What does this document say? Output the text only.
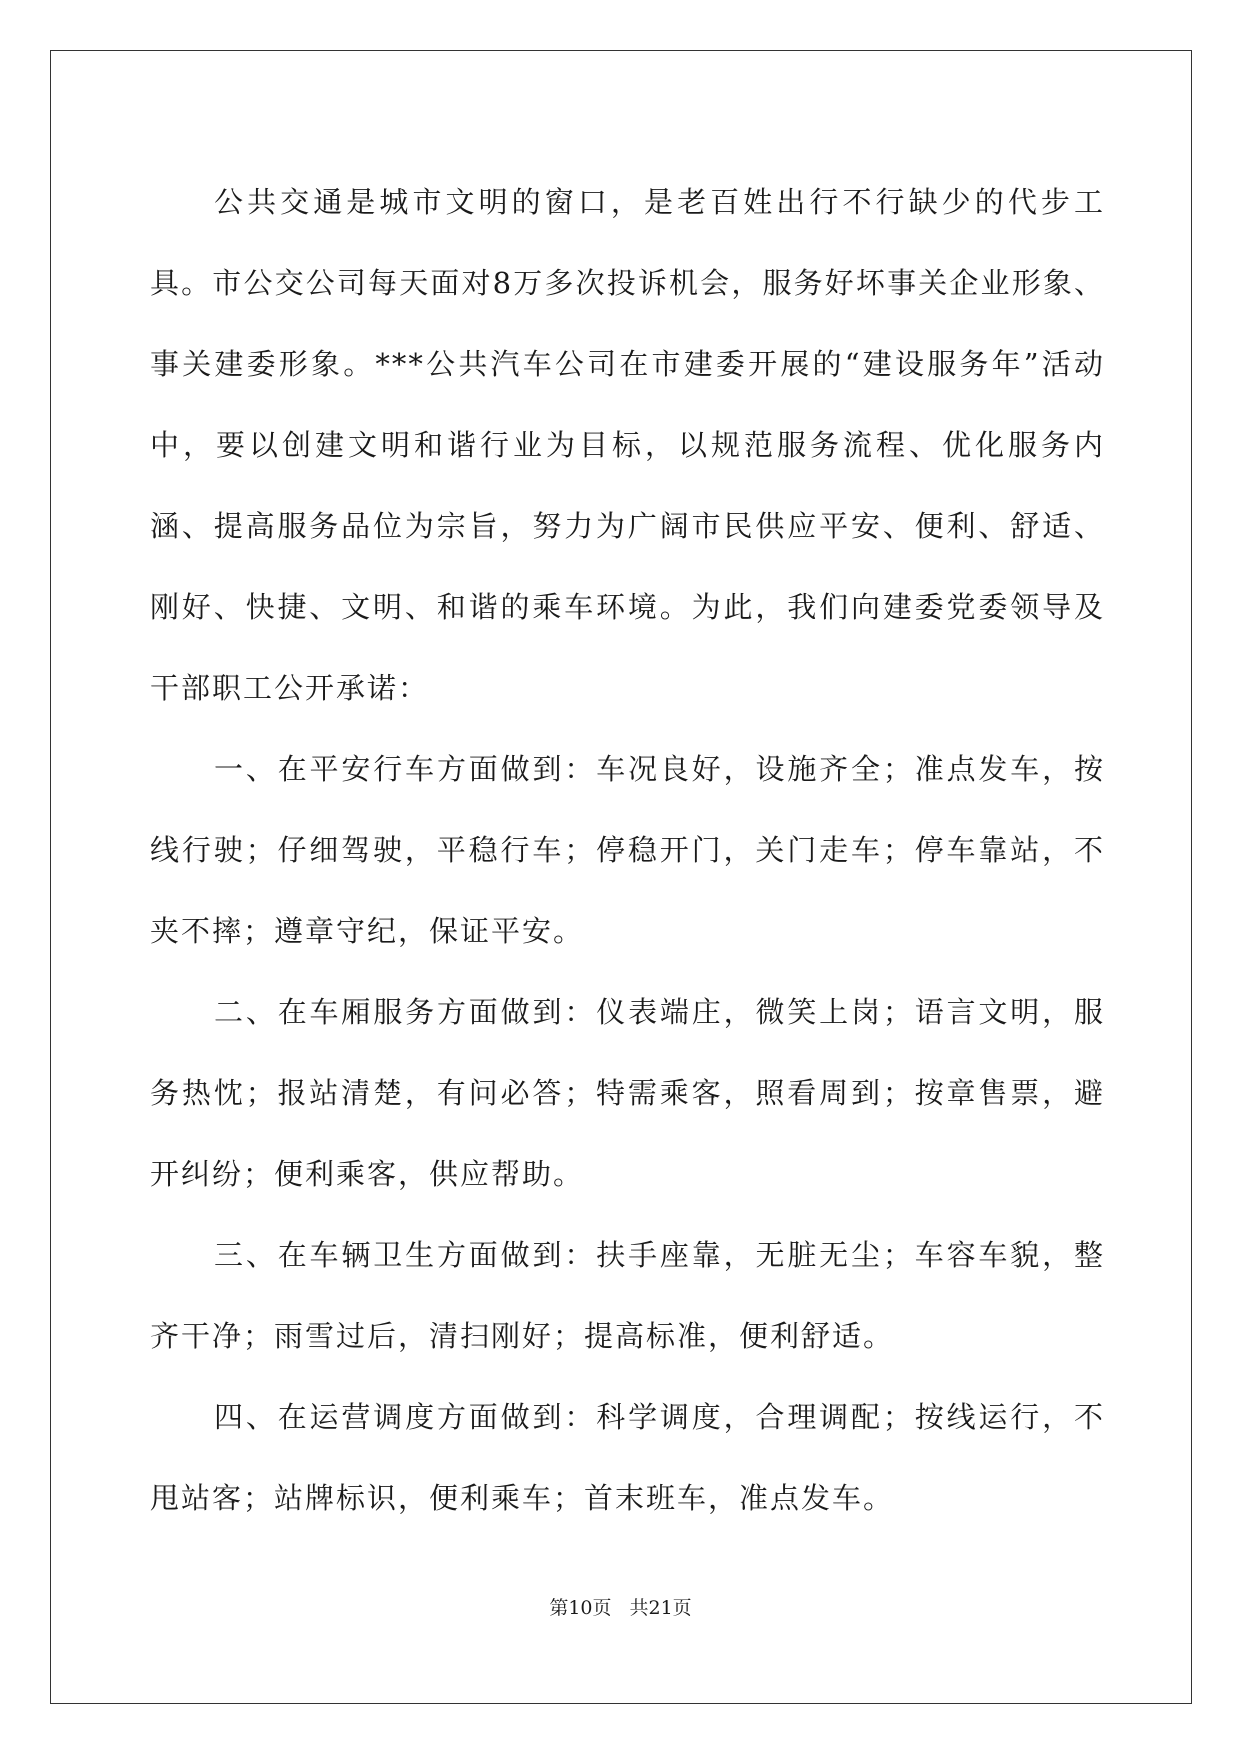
公共交通是城市文明的窗口，是老百姓出行不行缺少的代步工具。市公交公司每天面对8万多次投诉机会，服务好坏事关企业形象、事关建委形象。***公共汽车公司在市建委开展的“建设服务年”活动中，要以创建文明和谐行业为目标，以规范服务流程、优化服务内涵、提高服务品位为宗旨，努力为广阔市民供应平安、便利、舒适、刚好、快捷、文明、和谐的乘车环境。为此，我们向建委党委领导及干部职工公开承诺：

一、在平安行车方面做到：车况良好，设施齐全；准点发车，按线行驶；仔细驾驶，平稳行车；停稳开门，关门走车；停车靠站，不夹不摔；遵章守纪，保证平安。

二、在车厢服务方面做到：仪表端庄，微笑上岗；语言文明，服务热忱；报站清楚，有问必答；特需乘客，照看周到；按章售票，避开纠纷；便利乘客，供应帮助。

三、在车辆卫生方面做到：扶手座靠，无脏无尘；车容车貌，整齐干净；雨雪过后，清扫刚好；提高标准，便利舒适。

四、在运营调度方面做到：科学调度，合理调配；按线运行，不甩站客；站牌标识，便利乘车；首末班车，准点发车。

第10页 共21页
